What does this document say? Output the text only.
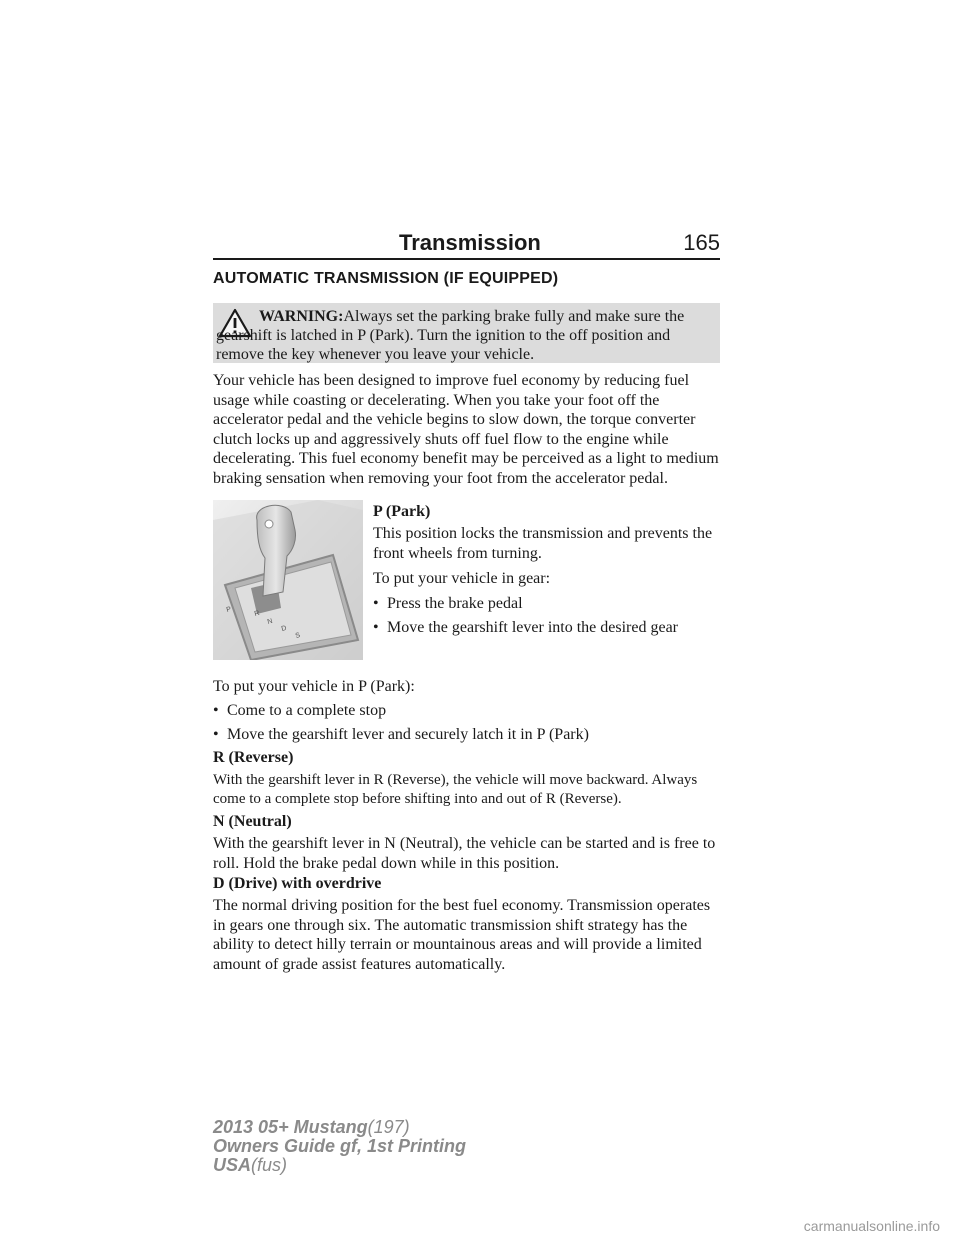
Transmission	165
AUTOMATIC TRANSMISSION (IF EQUIPPED)
WARNING:Always set the parking brake fully and make sure the gearshift is latched in P (Park). Turn the ignition to the off position and remove the key whenever you leave your vehicle.

Your vehicle has been designed to improve fuel economy by reducing fuel usage while coasting or decelerating. When you take your foot off the accelerator pedal and the vehicle begins to slow down, the torque converter clutch locks up and aggressively shuts off fuel flow to the engine while decelerating. This fuel economy benefit may be perceived as a light to medium braking sensation when removing your foot from the accelerator pedal.

P	R
N
D
S
P (Park)

This position locks the transmission and prevents the front wheels from turning.

To put your vehicle in gear:

• Press the brake pedal
• Move the gearshift lever into the desired gear

To put your vehicle in P (Park):

• Come to a complete stop
• Move the gearshift lever and securely latch it in P (Park)
R (Reverse)

With the gearshift lever in R (Reverse), the vehicle will move backward. Always come to a complete stop before shifting into and out of R (Reverse).

N (Neutral)

With the gearshift lever in N (Neutral), the vehicle can be started and is free to roll. Hold the brake pedal down while in this position.

D (Drive) with overdrive

The normal driving position for the best fuel economy. Transmission operates in gears one through six. The automatic transmission shift strategy has the ability to detect hilly terrain or mountainous areas and will provide a limited amount of grade assist features automatically.

2013 05+ Mustang(197)
Owners Guide gf, 1st Printing
USA(fus)
carmanualsonline.info
